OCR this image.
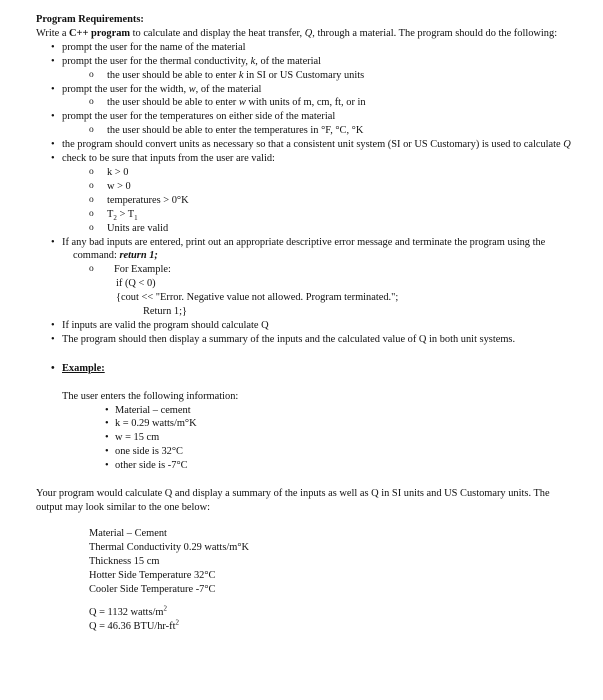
Program Requirements:

Write a C++ program to calculate and display the heat transfer, Q, through a material. The program should do the following:

• prompt the user for the name of the material
• prompt the user for the thermal conductivity, k, of the material
o the user should be able to enter k in SI or US Customary units
• prompt the user for the width, w, of the material
o the user should be able to enter w with units of m, cm, ft, or in
• prompt the user for the temperatures on either side of the material
o the user should be able to enter the temperatures in °F, °C, °K
• the program should convert units as necessary so that a consistent unit system (SI or US Customary) is used to calculate Q
• check to be sure that inputs from the user are valid:
o k > 0
o w > 0
o temperatures > 0°K
o $T_2 > T_1$
o Units are valid
• If any bad inputs are entered, print out an appropriate descriptive error message and terminate the program using the command: return 1;
o For Example:

if (Q < 0)

{cout << "Error. Negative value not allowed. Program terminated.";

Return 1;}

• If inputs are valid the program should calculate Q
• The program should then display a summary of the inputs and the calculated value of Q in both unit systems.

• Example:

The user enters the following information:

• Material – cement
• k = 0.29 watts/m°K
• w = 15 cm
• one side is 32°C
• other side is -7°C

Your program would calculate Q and display a summary of the inputs as well as Q in SI units and US Customary units. The output may look similar to the one below:

Material – Cement

Thermal Conductivity 0.29 watts/m°K

Thickness 15 cm

Hotter Side Temperature 32°C

Cooler Side Temperature -7°C

Q = 1132 watts/$m^2$

Q = 46.36 BTU/$hr-ft^2$
